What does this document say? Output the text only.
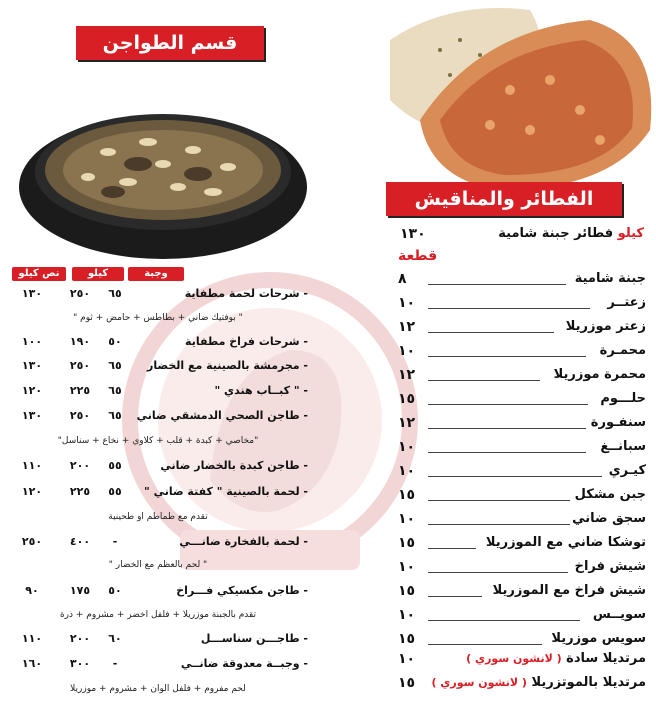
قسم الطواجن
الفطائر والمناقيش
وجبة فاخرة
كيلو
نص كيلو
- شرحات لحمة مطفاية
٦٥
٢٥٠
١٣٠
" بوفتيك ضاني + بطاطس + حامض + ثوم "
- شرحات فراخ مطفاية
٥٠
١٩٠
١٠٠
- مجرمشة بالصينية مع الخضار
٦٥
٢٥٠
١٣٠
- " كبــاب هندي "
٦٥
٢٢٥
١٢٠
- طاجن الصحي الدمشقي ضاني
٦٥
٢٥٠
١٣٠
"مخاصي + كبدة + قلب + كلاوي + نخاع + سناسل"
- طاجن كبدة بالخضار ضاني
٥٥
٢٠٠
١١٠
- لحمة بالصينية " كفتة ضاني "
٥٥
٢٢٥
١٢٠
تقدم مع طماطم او طحينية
- لحمة بالفخارة ضانـــي
-
٤٠٠
٢٥٠
" لحم بالعظم مع الخضار "
- طاجن مكسيكي فـــراخ
٥٠
١٧٥
٩٠
تقدم بالجبنة موزريلا + فلفل اخضر + مشروم + ذرة
- طاجـــن سناســـل
٦٠
٢٠٠
١١٠
- وجبــة معدوقة ضانــي
-
٣٠٠
١٦٠
لحم مفروم + فلفل الوان + مشروم + موزريلا
كيلو فطائر جبنة شامية
١٣٠
قطعة
جبنة شامية
٨
زعتــر
١٠
زعتر موزريلا
١٢
محمـرة
١٠
محمرة موزريلا
١٢
حلـــوم
١٥
سنفـورة
١٢
سبانــغ
١٠
كيـري
١٠
جبن مشكل
١٥
سجق ضاني
١٠
توشكا ضاني مع الموزريلا
١٥
شيش فراخ
١٠
شيش فراخ مع الموزريلا
١٥
سويــس
١٠
سويس موزريلا
١٥
مرتديلا سادة ( لانشون سوري )
١٠
مرتديلا بالموتزريلا ( لانشون سوري )
١٥
